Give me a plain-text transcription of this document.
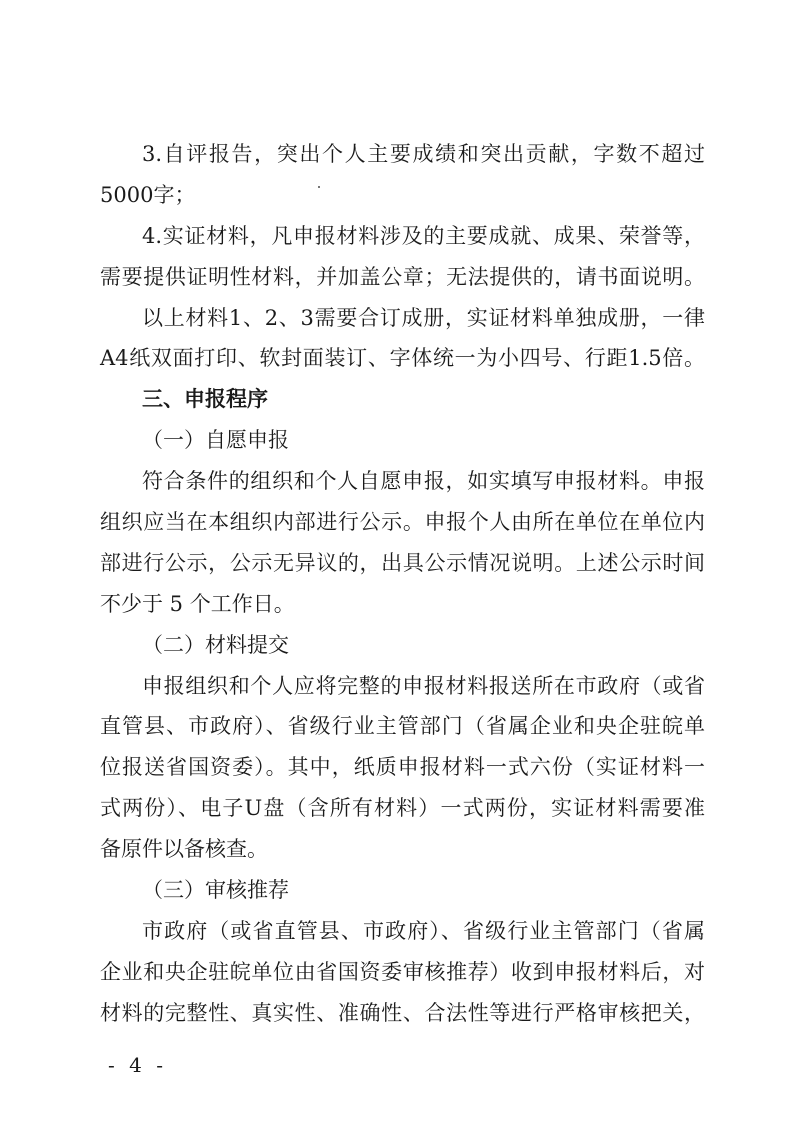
3.自评报告，突出个人主要成绩和突出贡献，字数不超过
5000字；
4.实证材料，凡申报材料涉及的主要成就、成果、荣誉等，
需要提供证明性材料，并加盖公章；无法提供的，请书面说明。
以上材料1、2、3需要合订成册，实证材料单独成册，一律
A4纸双面打印、软封面装订、字体统一为小四号、行距1.5倍。
三、申报程序
（一）自愿申报
符合条件的组织和个人自愿申报，如实填写申报材料。申报
组织应当在本组织内部进行公示。申报个人由所在单位在单位内
部进行公示，公示无异议的，出具公示情况说明。上述公示时间
不少于 5 个工作日。
（二）材料提交
申报组织和个人应将完整的申报材料报送所在市政府（或省
直管县、市政府）、省级行业主管部门（省属企业和央企驻皖单
位报送省国资委）。其中，纸质申报材料一式六份（实证材料一
式两份）、电子U盘（含所有材料）一式两份，实证材料需要准
备原件以备核查。
（三）审核推荐
市政府（或省直管县、市政府）、省级行业主管部门（省属
企业和央企驻皖单位由省国资委审核推荐）收到申报材料后，对
材料的完整性、真实性、准确性、合法性等进行严格审核把关，
- 4 -
